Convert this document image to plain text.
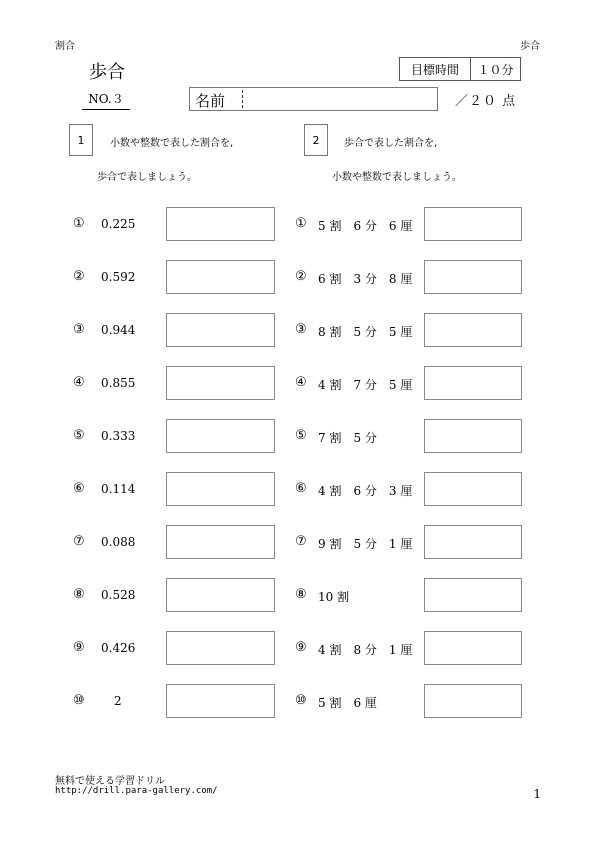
割合	歩合
歩合	目標時間	１０分
NO.３	名前	／２０ 点
1	小数や整数で表した割合を,
歩合で表しましょう。
2	歩合で表した割合を,
小数や整数で表しましょう。
① 0.225
② 0.592
③ 0.944
④ 0.855
⑤ 0.333
⑥ 0.114
⑦ 0.088
⑧ 0.528
⑨ 0.426
⑩ 2
① 5 割　6 分　6 厘
② 6 割　3 分　8 厘
③ 8 割　5 分　5 厘
④ 4 割　7 分　5 厘
⑤ 7 割　5 分
⑥ 4 割　6 分　3 厘
⑦ 9 割　5 分　1 厘
⑧ 10 割
⑨ 4 割　8 分　1 厘
⑩ 5 割　6 厘
無料で使える学習ドリル
http://drill.para-gallery.com/	1
